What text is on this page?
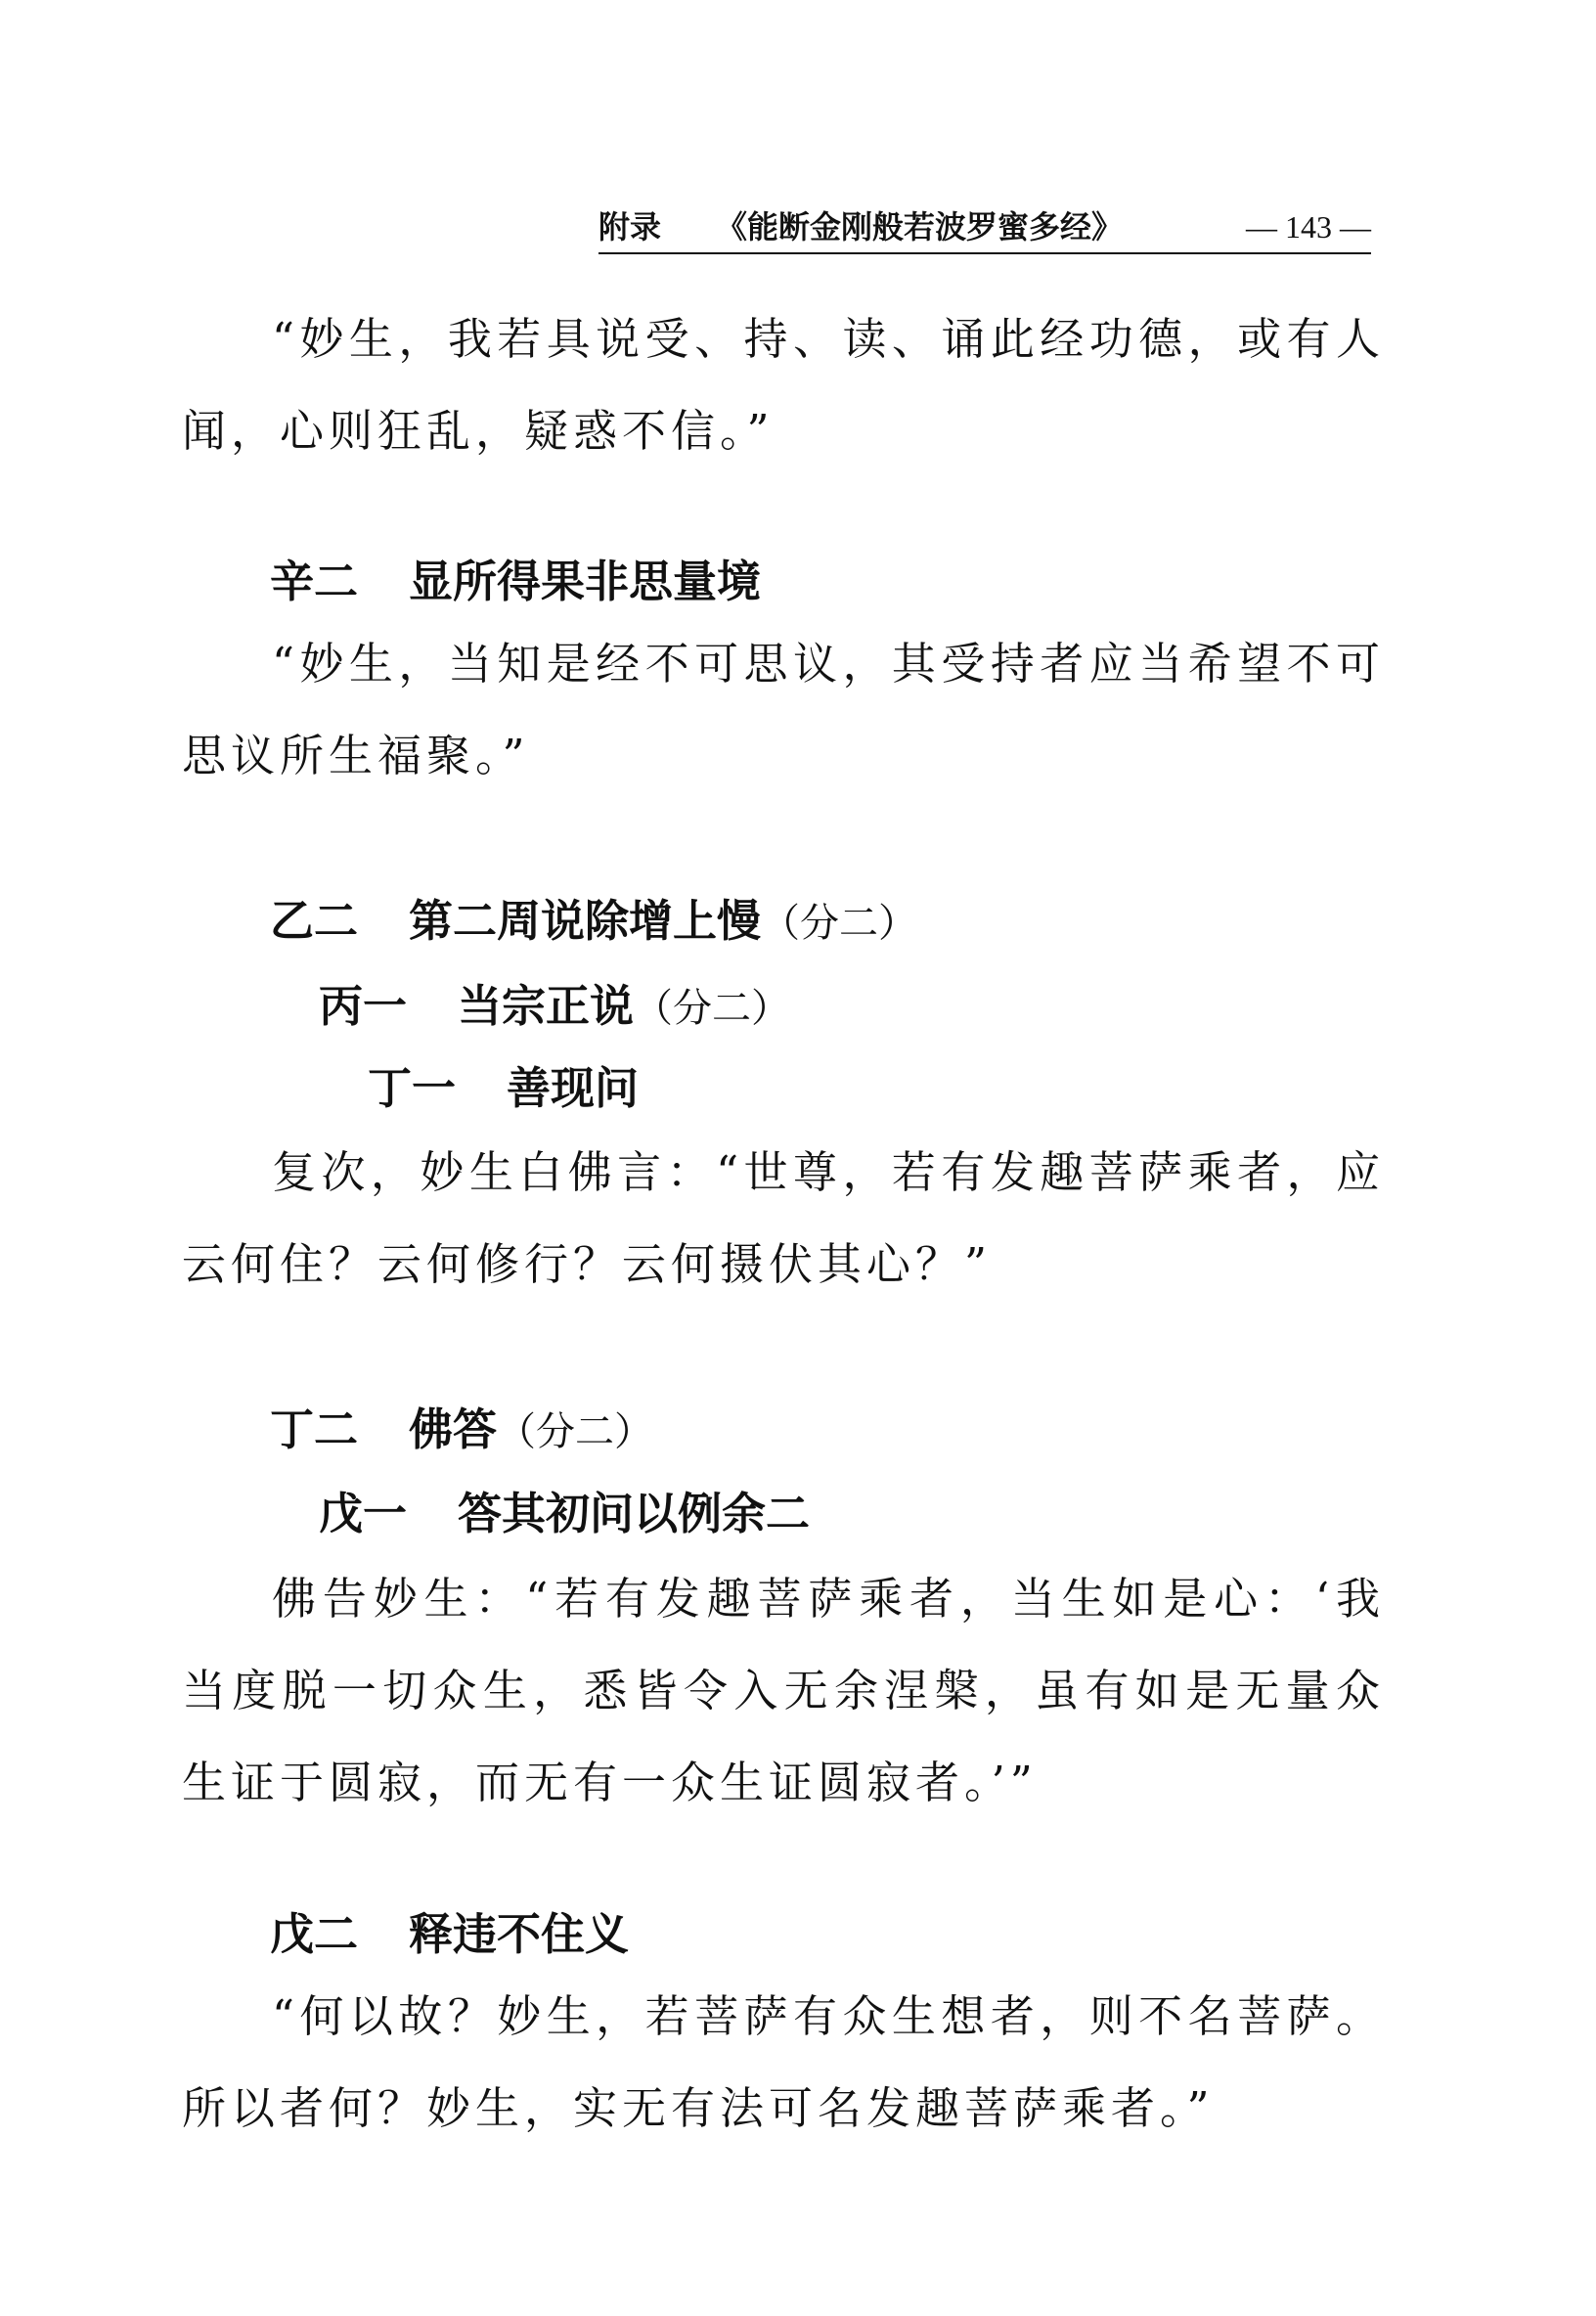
附录 《能断金刚般若波罗蜜多经》	— 143 —

“妙生，我若具说受、持、读、诵此经功德，或有人闻，心则狂乱，疑惑不信。”

辛二 显所得果非思量境

“妙生，当知是经不可思议，其受持者应当希望不可思议所生福聚。”

乙二 第二周说除增上慢（分二）
丙一 当宗正说（分二）
丁一 善现问

复次，妙生白佛言：“世尊，若有发趣菩萨乘者，应云何住？云何修行？云何摄伏其心？”

丁二 佛答（分二）
戊一 答其初问以例余二

佛告妙生：“若有发趣菩萨乘者，当生如是心：‘我当度脱一切众生，悉皆令入无余涅槃，虽有如是无量众生证于圆寂，而无有一众生证圆寂者。’”

戊二 释违不住义

“何以故？妙生，若菩萨有众生想者，则不名菩萨。所以者何？妙生，实无有法可名发趣菩萨乘者。”
